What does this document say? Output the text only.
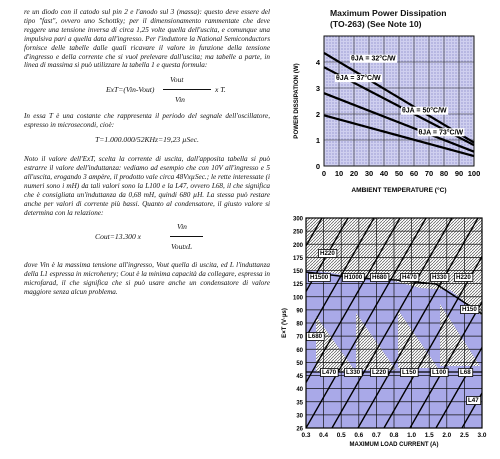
re un diodo con il catodo sul pin 2 e l'anodo sul 3 (massa): questo deve essere del tipo "fast", ovvero uno Schottky; per il dimensionamento rammentate che deve reggere una tensione inversa di circa 1,25 volte quella dell'uscita, e comunque una impulsiva pari a quella data all'ingresso. Per l'induttore la National Semiconductors fornisce delle tabelle dalle quali ricavare il valore in funzione della tensione d'ingresso e della corrente che si vuol prelevare dall'uscita; ma tabelle a parte, in linea di massima si può utilizzare la tabella 1 e questa formula:

Vout
ExT=(Vin-Vout)	x T.
Vin

In essa T è una costante che rappresenta il periodo del segnale dell'oscillatore, espresso in microsecondi, cioè:

T=1.000.000/52KHz=19,23 µSec.

Noto il valore dell'ExT, scelta la corrente di uscita, dall'apposita tabella si può estrarre il valore dell'induttanza: vediamo ad esempio che con 10V all'ingresso e 5 all'uscita, erogando 3 ampère, il prodotto vale circa 48VxµSec.; le rette interessate (i numeri sono i mH) da tali valori sono la L100 e la L47, ovvero L68, il che significa che è consigliata un'induttanza da 0,68 mH, quindi 680 µH. La stessa può restare anche per valori di corrente più bassi. Quanto al condensatore, il giusto valore si determina con la relazione:

Vin
Cout=13.300 x
VoutxL

dove Vin è la massima tensione all'ingresso, Vout quella di uscita, ed L l'induttanza della L1 espressa in microhenry; Cout è la minima capacità da collegare, espressa in microfarad, il che significa che si può usare anche un condensatore di valore maggiore senza alcun problema.

Maximum Power Dissipation
(TO-263) (See Note 10)
θJA = 32°C/W
θJA = 37°C/W
θJA = 50°C/W
θJA = 73°C/W
0 10 20 30 40 50 60 70 80 90 100
0
1
2
3
4
AMBIENT TEMPERATURE (°C)
POWER DISSIPATION (W)
H220
H1500	H1000 H680 H470 H330 H220
H150
L680
L470 L330 L220	L150	L100 L68
L47
0.3 0.4 0.5 0.6 0.7 0.8 1.0 1.5 2.0 2.5 3.0
26
30
35
40
45
50
60
70
80
90
100
125
150
175
200
250
300
MAXIMUM LOAD CURRENT (A)
E×T (V·µs)
